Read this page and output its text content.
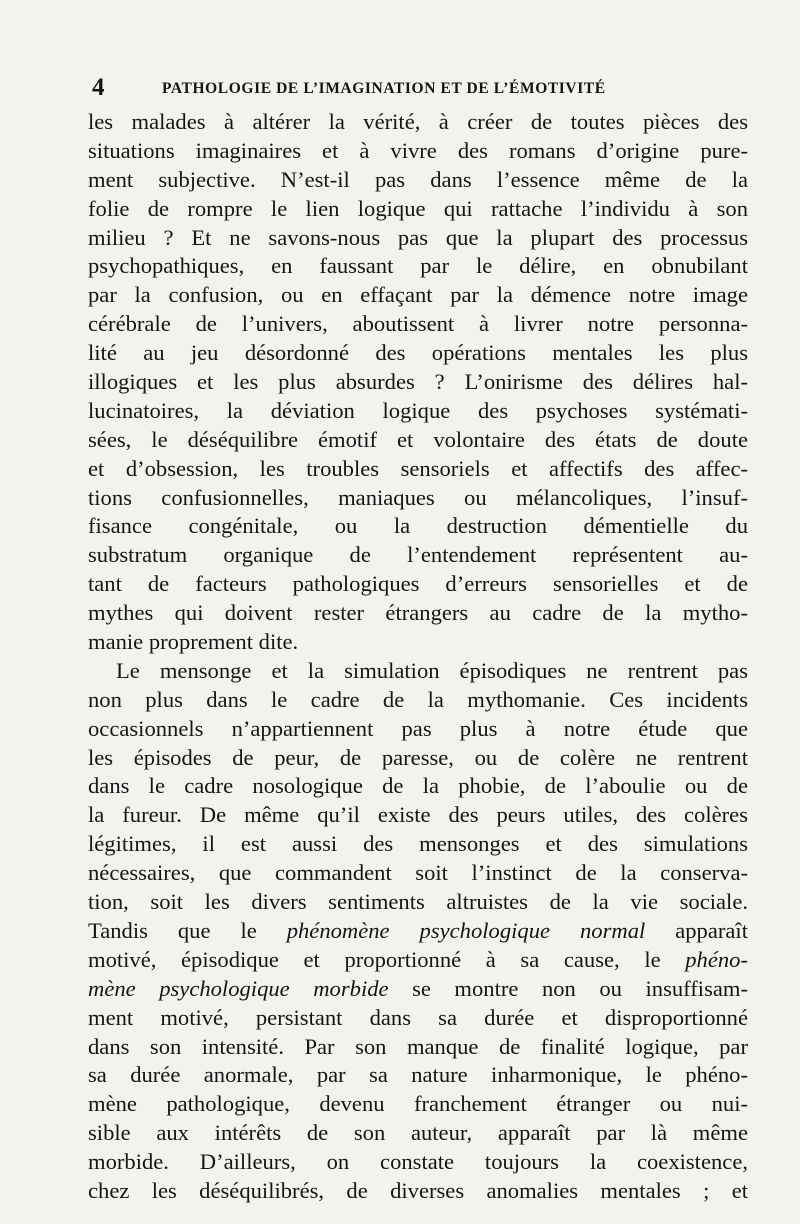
4	PATHOLOGIE DE L’IMAGINATION ET DE L’ÉMOTIVITÉ
les malades à altérer la vérité, à créer de toutes pièces des
situations imaginaires et à vivre des romans d’origine pure-
ment subjective. N’est-il pas dans l’essence même de la
folie de rompre le lien logique qui rattache l’individu à son
milieu ? Et ne savons-nous pas que la plupart des processus
psychopathiques, en faussant par le délire, en obnubilant
par la confusion, ou en effaçant par la démence notre image
cérébrale de l’univers, aboutissent à livrer notre personna-
lité au jeu désordonné des opérations mentales les plus
illogiques et les plus absurdes ? L’onirisme des délires hal-
lucinatoires, la déviation logique des psychoses systémati-
sées, le déséquilibre émotif et volontaire des états de doute
et d’obsession, les troubles sensoriels et affectifs des affec-
tions confusionnelles, maniaques ou mélancoliques, l’insuf-
fisance congénitale, ou la destruction démentielle du
substratum organique de l’entendement représentent au-
tant de facteurs pathologiques d’erreurs sensorielles et de
mythes qui doivent rester étrangers au cadre de la mytho-
manie proprement dite.
Le mensonge et la simulation épisodiques ne rentrent pas
non plus dans le cadre de la mythomanie. Ces incidents
occasionnels n’appartiennent pas plus à notre étude que
les épisodes de peur, de paresse, ou de colère ne rentrent
dans le cadre nosologique de la phobie, de l’aboulie ou de
la fureur. De même qu’il existe des peurs utiles, des colères
légitimes, il est aussi des mensonges et des simulations
nécessaires, que commandent soit l’instinct de la conserva-
tion, soit les divers sentiments altruistes de la vie sociale.
Tandis que le phénomène psychologique normal apparaît
motivé, épisodique et proportionné à sa cause, le phéno-
mène psychologique morbide se montre non ou insuffisam-
ment motivé, persistant dans sa durée et disproportionné
dans son intensité. Par son manque de finalité logique, par
sa durée anormale, par sa nature inharmonique, le phéno-
mène pathologique, devenu franchement étranger ou nui-
sible aux intérêts de son auteur, apparaît par là même
morbide. D’ailleurs, on constate toujours la coexistence,
chez les déséquilibrés, de diverses anomalies mentales ; et
